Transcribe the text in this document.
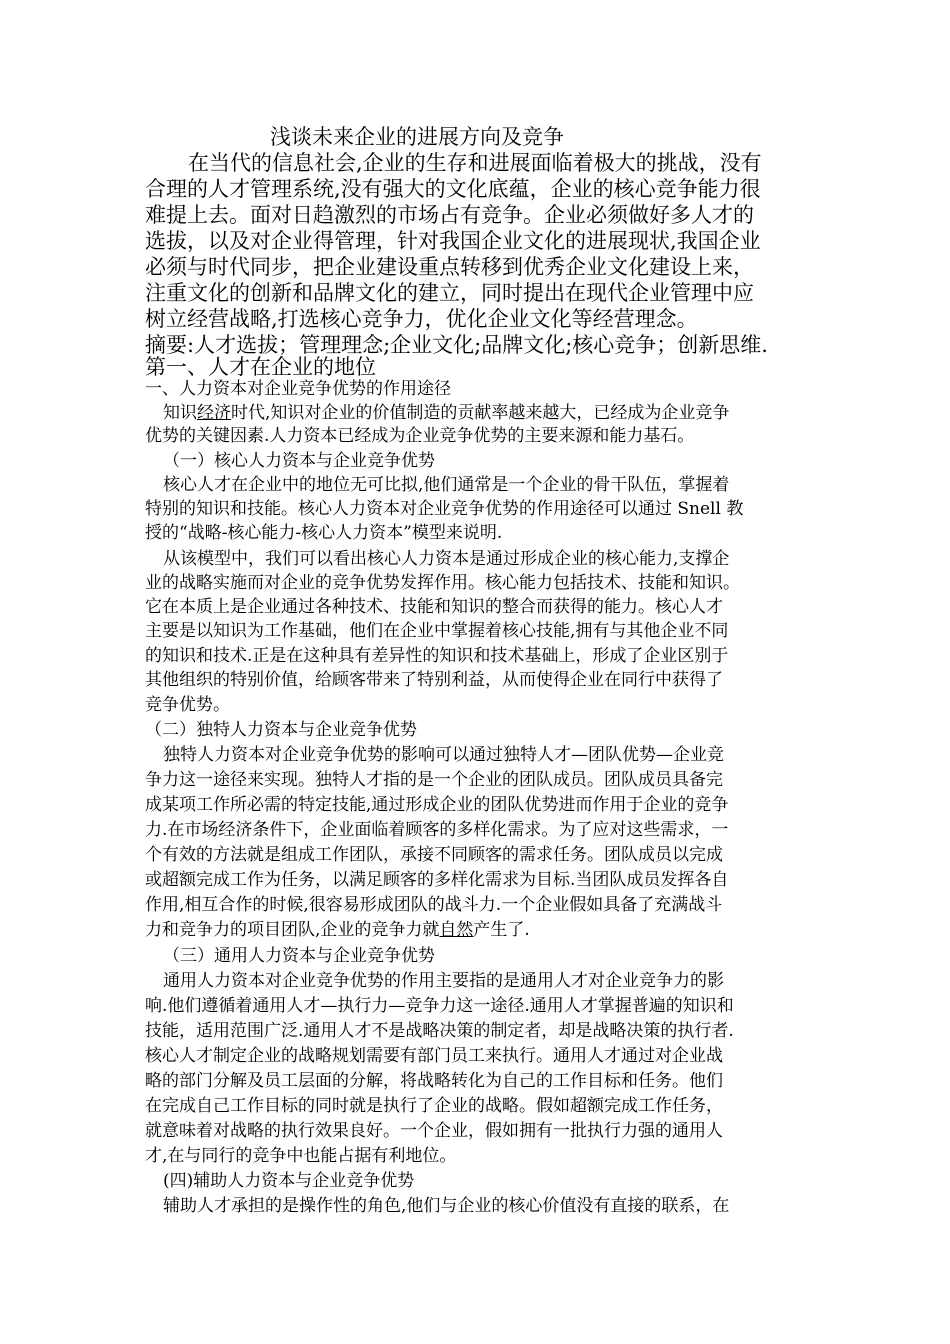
浅谈未来企业的进展方向及竞争
在当代的信息社会,企业的生存和进展面临着极大的挑战，没有
合理的人才管理系统,没有强大的文化底蕴，企业的核心竞争能力很
难提上去。面对日趋激烈的市场占有竞争。企业必须做好多人才的
选拔，以及对企业得管理，针对我国企业文化的进展现状,我国企业
必须与时代同步，把企业建设重点转移到优秀企业文化建设上来，
注重文化的创新和品牌文化的建立，同时提出在现代企业管理中应
树立经营战略,打选核心竞争力，优化企业文化等经营理念。
摘要:人才选拔；管理理念;企业文化;品牌文化;核心竞争；创新思维.
第一、人才在企业的地位
一、人力资本对企业竞争优势的作用途径
知识经济时代,知识对企业的价值制造的贡献率越来越大，已经成为企业竞争
优势的关键因素.人力资本已经成为企业竞争优势的主要来源和能力基石。
（一）核心人力资本与企业竞争优势
核心人才在企业中的地位无可比拟,他们通常是一个企业的骨干队伍，掌握着
特别的知识和技能。核心人力资本对企业竞争优势的作用途径可以通过 Snell 教
授的“战略-核心能力-核心人力资本”模型来说明.
从该模型中，我们可以看出核心人力资本是通过形成企业的核心能力,支撑企
业的战略实施而对企业的竞争优势发挥作用。核心能力包括技术、技能和知识。
它在本质上是企业通过各种技术、技能和知识的整合而获得的能力。核心人才
主要是以知识为工作基础，他们在企业中掌握着核心技能,拥有与其他企业不同
的知识和技术.正是在这种具有差异性的知识和技术基础上，形成了企业区别于
其他组织的特别价值，给顾客带来了特别利益，从而使得企业在同行中获得了
竞争优势。
（二）独特人力资本与企业竞争优势
独特人力资本对企业竞争优势的影响可以通过独特人才—团队优势—企业竞
争力这一途径来实现。独特人才指的是一个企业的团队成员。团队成员具备完
成某项工作所必需的特定技能,通过形成企业的团队优势进而作用于企业的竞争
力.在市场经济条件下，企业面临着顾客的多样化需求。为了应对这些需求，一
个有效的方法就是组成工作团队，承接不同顾客的需求任务。团队成员以完成
或超额完成工作为任务，以满足顾客的多样化需求为目标.当团队成员发挥各自
作用,相互合作的时候,很容易形成团队的战斗力.一个企业假如具备了充满战斗
力和竞争力的项目团队,企业的竞争力就自然产生了.
（三）通用人力资本与企业竞争优势
通用人力资本对企业竞争优势的作用主要指的是通用人才对企业竞争力的影
响.他们遵循着通用人才—执行力—竞争力这一途径.通用人才掌握普遍的知识和
技能，适用范围广泛.通用人才不是战略决策的制定者，却是战略决策的执行者.
核心人才制定企业的战略规划需要有部门员工来执行。通用人才通过对企业战
略的部门分解及员工层面的分解，将战略转化为自己的工作目标和任务。他们
在完成自己工作目标的同时就是执行了企业的战略。假如超额完成工作任务，
就意味着对战略的执行效果良好。一个企业，假如拥有一批执行力强的通用人
才,在与同行的竞争中也能占据有利地位。
(四)辅助人力资本与企业竞争优势
辅助人才承担的是操作性的角色,他们与企业的核心价值没有直接的联系，在
